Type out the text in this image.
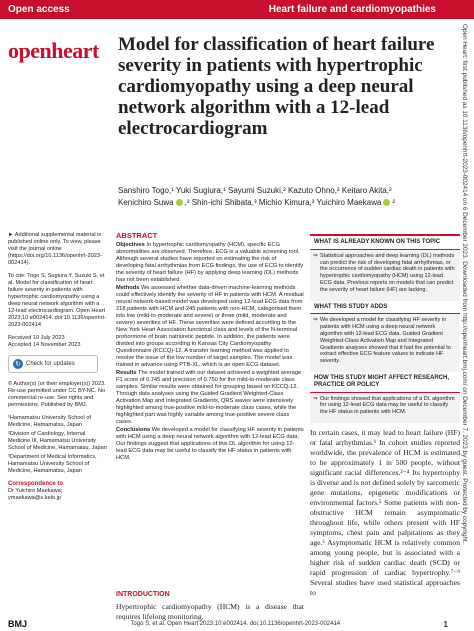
Open access	Heart failure and cardiomyopathies
Open Heart: first published as 10.1136/openhrt-2023-002414 on 6 December 2023. Downloaded from http://openheart.bmj.com/ on December 7, 2023 by guest. Protected by copyright.
openheart Model for classification of heart failure severity in patients with hypertrophic cardiomyopathy using a deep neural network algorithm with a 12-lead electrocardiogram
Sanshiro Togo,¹ Yuki Sugiura,¹ Sayumi Suzuki,² Kazuto Ohno,² Keitaro Akita,²
Kenichiro Suwa ,² Shin-ichi Shibata,³ Michio Kimura,³ Yuichiro Maekawa ²

► Additional supplemental material is published online only. To view, please visit the journal online (https://doi.org/10.1136/openhrt-2023-002414).

To cite: Togo S, Sugiura Y, Suzuki S, et al. Model for classification of heart failure severity in patients with hypertrophic cardiomyopathy using a deep neural network algorithm with a 12-lead electrocardiogram. Open Heart 2023;10:e002414. doi:10.1136/openhrt-2023-002414

Received 10 July 2023

Accepted 14 November 2023

↻ Check for updates

© Author(s) (or their employer(s)) 2023. Re-use permitted under CC BY-NC. No commercial re-use. See rights and permissions. Published by BMJ.

¹Hamamatsu University School of Medicine, Hamamatsu, Japan

²Division of Cardiology, Internal Medicine III, Hamamatsu University School of Medicine, Hamamatsu, Japan

³Department of Medical Informatics, Hamamatsu University School of Medicine, Hamamatsu, Japan

Correspondence to
Dr Yuichiro Maekawa;
ymaekawa@s.keio.jp
ABSTRACT

Objectives In hypertrophic cardiomyopathy (HCM), specific ECG abnormalities are observed. Therefore, ECG is a valuable screening tool. Although several studies have reported on estimating the risk of developing fatal arrhythmias from ECG findings, the use of ECG to identify the severity of heart failure (HF) by applying deep learning (DL) methods has not been established.

Methods We assessed whether data-driven machine-learning methods could effectively identify the severity of HF in patients with HCM. A residual neural network-based model was developed using 12-lead ECG data from 218 patients with HCM and 245 patients with non-HCM, categorised them into low (mild-to-moderate and severe) or three (mild, moderate and severe) severities of HF. These severities were defined according to the New York Heart Association functional class and levels of the N-terminal prohormone of brain natriuretic peptide. In addition, the patients were divided into groups according to Kansas City Cardiomyopathy Questionnaire (KCCQ)-12. A transfer learning method was applied to resolve the issue of the low number of target samples. The model was trained in advance using PTB-XL, which is an open ECG dataset.

Results The model trained with our dataset achieved a weighted average F1 score of 0.745 and precision of 0.750 for the mild-to-moderate class samples. Similar results were obtained for grouping based on KCCQ-12. Through data analyses using the Guided Gradient Weighted-Class Activation Map and Integrated Gradients, QRS waves were intensively highlighted among true-positive mild-to-moderate class cases, while the highlighted part was highly variable among true-positive severe class cases.

Conclusions We developed a model for classifying HF severity in patients with HCM using a deep neural network algorithm with 12-lead ECG data. Our findings suggest that applications of this DL algorithm for using 12-lead ECG data may be useful to classify the HF status in patients with HCM.

WHAT IS ALREADY KNOWN ON THIS TOPIC
⇒ Statistical approaches and deep learning (DL) methods can predict the risk of developing fatal arrhythmias, or the occurrence of sudden cardiac death in patients with hypertrophic cardiomyopathy (HCM) using 12-lead ECG data. Previous reports on models that can predict the severity of heart failure (HF) are lacking.
WHAT THIS STUDY ADDS
⇒ We developed a model for classifying HF severity in patients with HCM using a deep neural network algorithm with 12-lead ECG data. Guided Gradient Weighted-Class Activation Map and Integrated Gradients analyses showed that it had the potential to extract effective ECG feature values to indicate HF severity.
HOW THIS STUDY MIGHT AFFECT RESEARCH, PRACTICE OR POLICY
⇒ Our findings showed that applications of a DL algorithm for using 12-lead ECG data may be useful to classify the HF status in patients with HCM.
In certain cases, it may lead to heart failure (HF) or fatal arrhythmias.¹ In cohort studies reported worldwide, the prevalence of HCM is estimated to be approximately 1 in 500 people, without significant racial differences.²⁻⁴ Its hypertrophy is diverse and is not defined solely by sarcomeric gene mutations, epigenetic modifications or environmental factors.⁵ Some patients with non-obstructive HCM remain asymptomatic throughout life, while others present with HF symptoms, chest pain and palpitations as they age.⁶ Asymptomatic HCM is relatively common among young people, but is associated with a higher risk of sudden cardiac death (SCD) or rapid progression of cardiac hypertrophy.⁷⁻⁹ Several studies have used statistical approaches to
INTRODUCTION
Hypertrophic cardiomyopathy (HCM) is a disease that requires lifelong monitoring.
BMJ	Togo S, et al. Open Heart 2023;10:e002414. doi:10.1136/openhrt-2023-002414	1
